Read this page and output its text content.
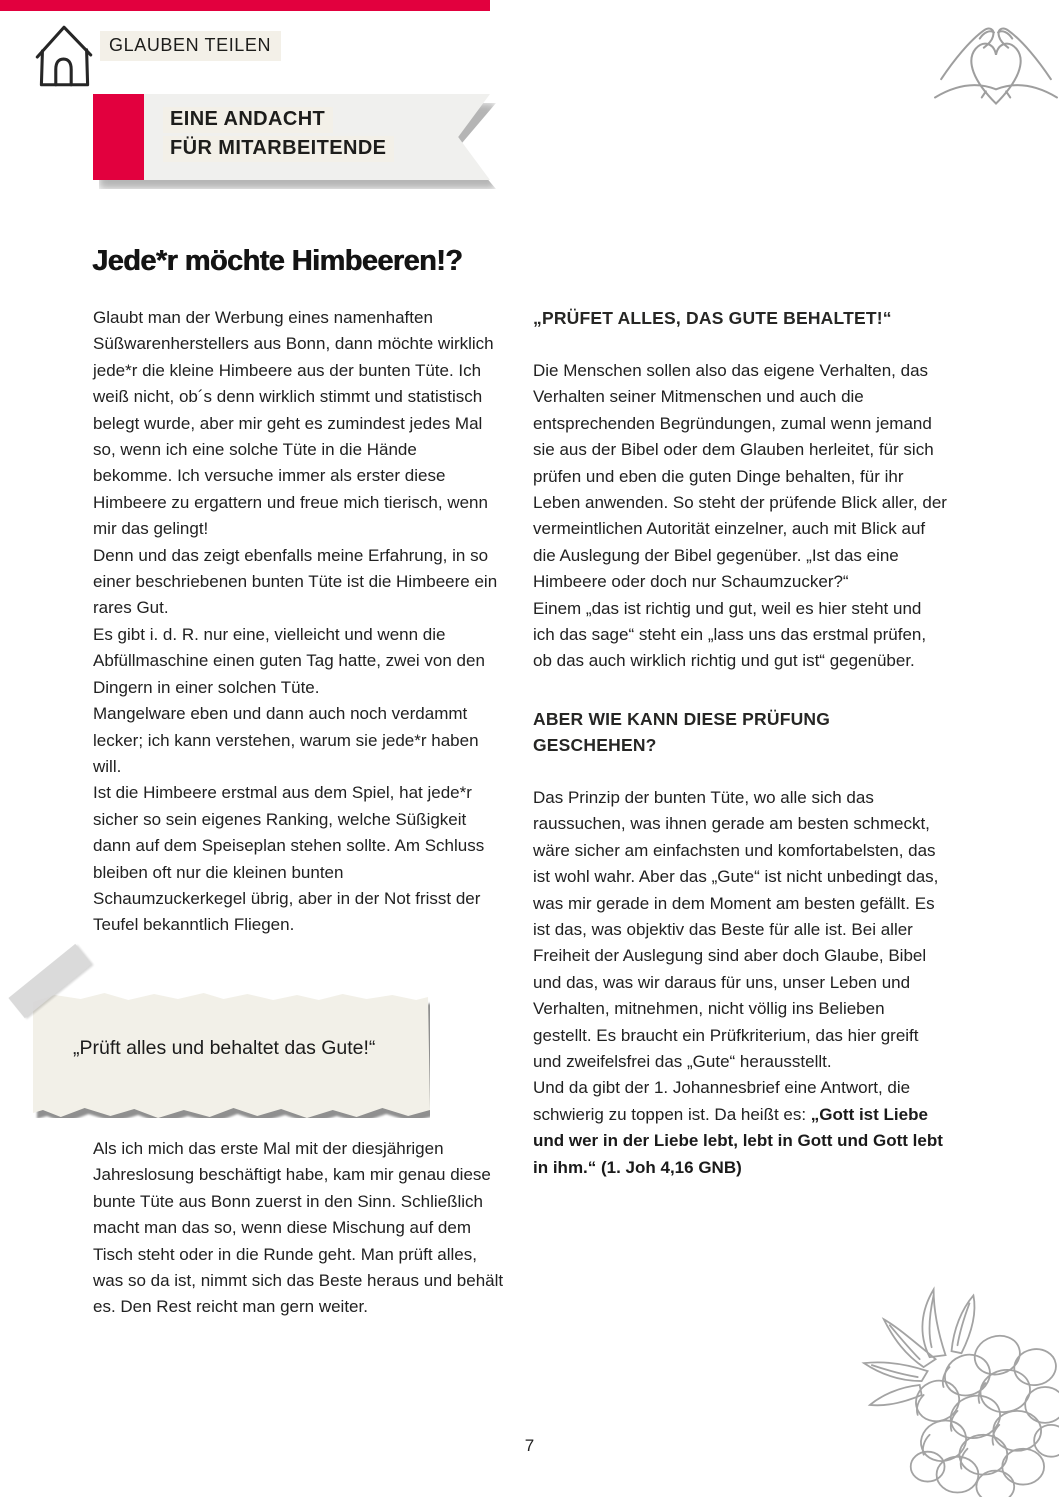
GLAUBEN TEILEN
EINE ANDACHT
FÜR MITARBEITENDE
Jede*r möchte Himbeeren!?

Glaubt man der Werbung eines namenhaften Süßwarenherstellers aus Bonn, dann möchte wirklich jede*r die kleine Himbeere aus der bunten Tüte. Ich weiß nicht, ob´s denn wirklich stimmt und statistisch belegt wurde, aber mir geht es zumindest jedes Mal so, wenn ich eine solche Tüte in die Hände bekomme. Ich versuche immer als erster diese Himbeere zu ergattern und freue mich tierisch, wenn mir das gelingt!

Denn und das zeigt ebenfalls meine Erfahrung, in so einer beschriebenen bunten Tüte ist die Himbeere ein rares Gut.

Es gibt i. d. R. nur eine, vielleicht und wenn die Abfüllmaschine einen guten Tag hatte, zwei von den Dingern in einer solchen Tüte.

Mangelware eben und dann auch noch verdammt lecker; ich kann verstehen, warum sie jede*r haben will.

Ist die Himbeere erstmal aus dem Spiel, hat jede*r sicher so sein eigenes Ranking, welche Süßigkeit dann auf dem Speiseplan stehen sollte. Am Schluss bleiben oft nur die kleinen bunten Schaumzuckerkegel übrig, aber in der Not frisst der Teufel bekanntlich Fliegen.

„Prüft alles und behaltet das Gute!“

Als ich mich das erste Mal mit der diesjährigen Jahreslosung beschäftigt habe, kam mir genau diese bunte Tüte aus Bonn zuerst in den Sinn. Schließlich macht man das so, wenn diese Mischung auf dem Tisch steht oder in die Runde geht. Man prüft alles, was so da ist, nimmt sich das Beste heraus und behält es. Den Rest reicht man gern weiter.

„PRÜFET ALLES, DAS GUTE BEHALTET!“

Die Menschen sollen also das eigene Verhalten, das Verhalten seiner Mitmenschen und auch die entsprechenden Begründungen, zumal wenn jemand sie aus der Bibel oder dem Glauben herleitet, für sich prüfen und eben die guten Dinge behalten, für ihr Leben anwenden. So steht der prüfende Blick aller, der vermeintlichen Autorität einzelner, auch mit Blick auf die Auslegung der Bibel gegenüber. „Ist das eine Himbeere oder doch nur Schaumzucker?“

Einem „das ist richtig und gut, weil es hier steht und ich das sage“ steht ein „lass uns das erstmal prüfen, ob das auch wirklich richtig und gut ist“ gegenüber.

ABER WIE KANN DIESE PRÜFUNG GESCHEHEN?

Das Prinzip der bunten Tüte, wo alle sich das raussuchen, was ihnen gerade am besten schmeckt, wäre sicher am einfachsten und komfortabelsten, das ist wohl wahr. Aber das „Gute“ ist nicht unbedingt das, was mir gerade in dem Moment am besten gefällt. Es ist das, was objektiv das Beste für alle ist. Bei aller Freiheit der Auslegung sind aber doch Glaube, Bibel und das, was wir daraus für uns, unser Leben und Verhalten, mitnehmen, nicht völlig ins Belieben gestellt. Es braucht ein Prüfkriterium, das hier greift und zweifelsfrei das „Gute“ herausstellt.

Und da gibt der 1. Johannesbrief eine Antwort, die schwierig zu toppen ist. Da heißt es: „Gott ist Liebe und wer in der Liebe lebt, lebt in Gott und Gott lebt in ihm.“ (1. Joh 4,16 GNB)

7
